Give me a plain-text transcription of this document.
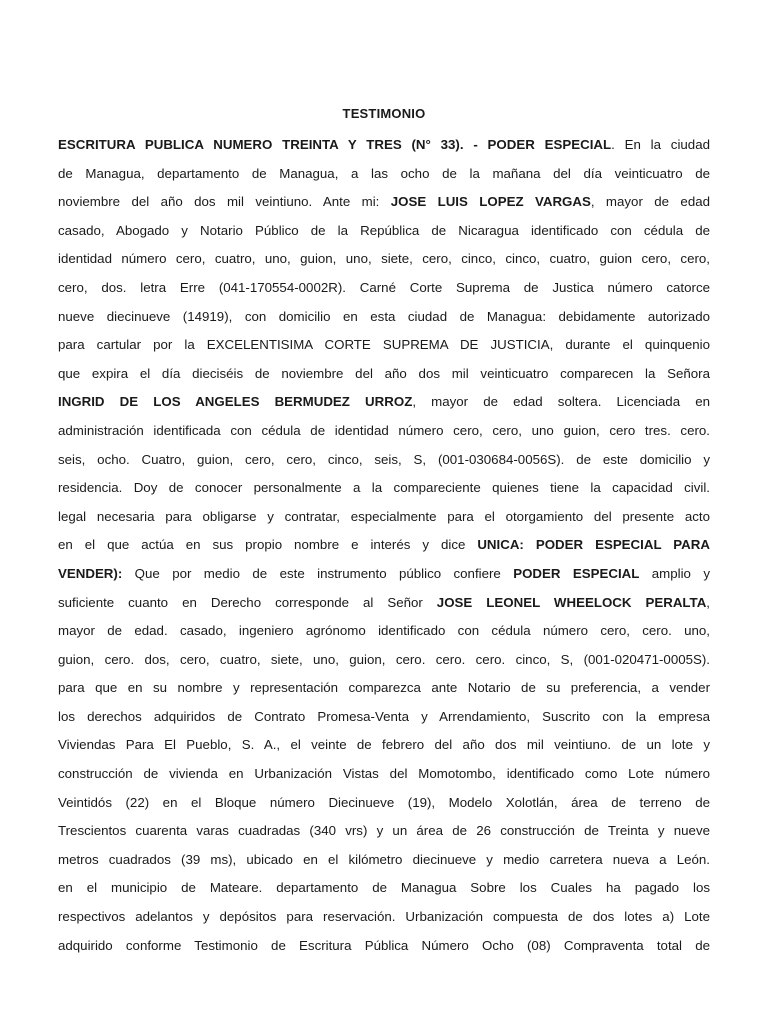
TESTIMONIO
ESCRITURA PUBLICA NUMERO TREINTA Y TRES (N° 33). - PODER ESPECIAL. En la ciudad
de Managua, departamento de Managua, a las ocho de la mañana del día veinticuatro de
noviembre del año dos mil veintiuno. Ante mi: JOSE LUIS LOPEZ VARGAS, mayor de edad
casado, Abogado y Notario Público de la República de Nicaragua identificado con cédula de
identidad número cero, cuatro, uno, guion, uno, siete, cero, cinco, cinco, cuatro, guion cero, cero,
cero, dos. letra Erre (041-170554-0002R). Carné Corte Suprema de Justica número catorce
nueve diecinueve (14919), con domicilio en esta ciudad de Managua: debidamente autorizado
para cartular por la EXCELENTISIMA CORTE SUPREMA DE JUSTICIA, durante el quinquenio
que expira el día dieciséis de noviembre del año dos mil veinticuatro comparecen la Señora
INGRID DE LOS ANGELES BERMUDEZ URROZ, mayor de edad soltera. Licenciada en
administración identificada con cédula de identidad número cero, cero, uno guion, cero tres. cero.
seis, ocho. Cuatro, guion, cero, cero, cinco, seis, S, (001-030684-0056S). de este domicilio y
residencia. Doy de conocer personalmente a la compareciente quienes tiene la capacidad civil.
legal necesaria para obligarse y contratar, especialmente para el otorgamiento del presente acto
en el que actúa en sus propio nombre e interés y dice UNICA: PODER ESPECIAL PARA
VENDER): Que por medio de este instrumento público confiere PODER ESPECIAL amplio y
suficiente cuanto en Derecho corresponde al Señor JOSE LEONEL WHEELOCK PERALTA,
mayor de edad. casado, ingeniero agrónomo identificado con cédula número cero, cero. uno,
guion, cero. dos, cero, cuatro, siete, uno, guion, cero. cero. cero. cinco, S, (001-020471-0005S).
para que en su nombre y representación comparezca ante Notario de su preferencia, a vender
los derechos adquiridos de Contrato Promesa-Venta y Arrendamiento, Suscrito con la empresa
Viviendas Para El Pueblo, S. A., el veinte de febrero del año dos mil veintiuno. de un lote y
construcción de vivienda en Urbanización Vistas del Momotombo, identificado como Lote número
Veintidós (22) en el Bloque número Diecinueve (19), Modelo Xolotlán, área de terreno de
Trescientos cuarenta varas cuadradas (340 vrs) y un área de 26 construcción de Treinta y nueve
metros cuadrados (39 ms), ubicado en el kilómetro diecinueve y medio carretera nueva a León.
en el municipio de Mateare. departamento de Managua Sobre los Cuales ha pagado los
respectivos adelantos y depósitos para reservación. Urbanización compuesta de dos lotes a) Lote
adquirido conforme Testimonio de Escritura Pública Número Ocho (08) Compraventa total de
